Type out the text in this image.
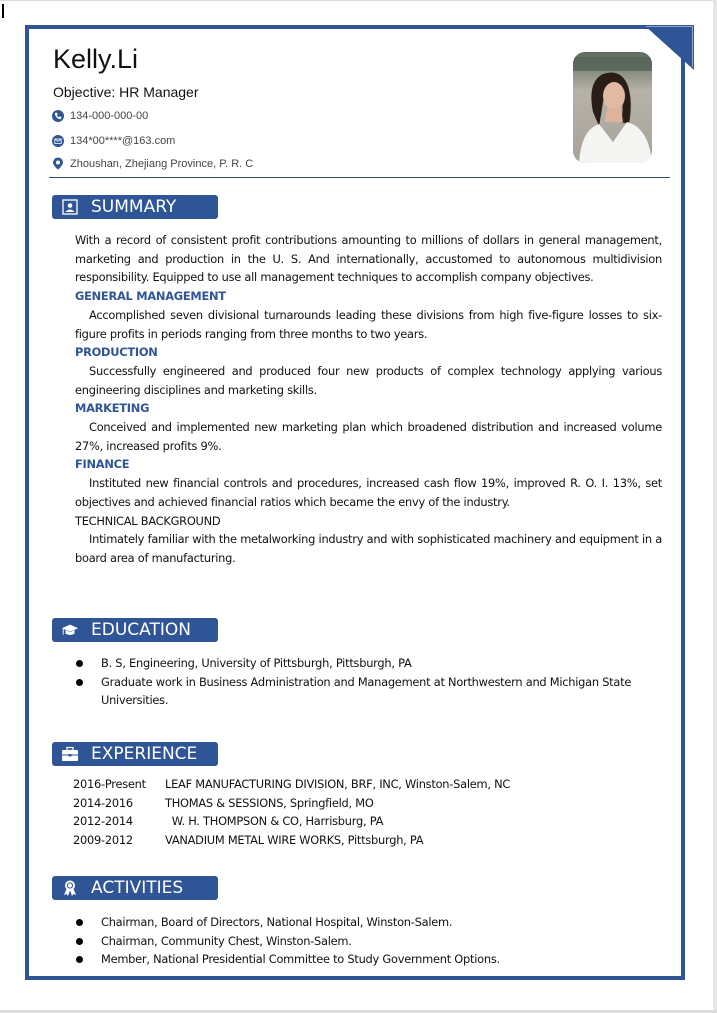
Kelly.Li
Objective: HR Manager
134-000-000-00
134*00****@163.com
Zhoushan, Zhejiang Province, P. R. C
SUMMARY

With a record of consistent profit contributions amounting to millions of dollars in general management, marketing and production in the U. S. And internationally, accustomed to autonomous multidivision responsibility. Equipped to use all management techniques to accomplish company objectives.

GENERAL MANAGEMENT

Accomplished seven divisional turnarounds leading these divisions from high five-figure losses to six-figure profits in periods ranging from three months to two years.

PRODUCTION

Successfully engineered and produced four new products of complex technology applying various engineering disciplines and marketing skills.

MARKETING

Conceived and implemented new marketing plan which broadened distribution and increased volume 27%, increased profits 9%.

FINANCE

Instituted new financial controls and procedures, increased cash flow 19%, improved R. O. I. 13%, set objectives and achieved financial ratios which became the envy of the industry.

TECHNICAL BACKGROUND

Intimately familiar with the metalworking industry and with sophisticated machinery and equipment in a board area of manufacturing.

EDUCATION
B. S, Engineering, University of Pittsburgh, Pittsburgh, PA
Graduate work in Business Administration and Management at Northwestern and Michigan State Universities.
EXPERIENCE
2016-Present	LEAF MANUFACTURING DIVISION, BRF, INC, Winston-Salem, NC
2014-2016	THOMAS & SESSIONS, Springfield, MO
2012-2014	W. H. THOMPSON & CO, Harrisburg, PA
2009-2012	VANADIUM METAL WIRE WORKS, Pittsburgh, PA
ACTIVITIES
Chairman, Board of Directors, National Hospital, Winston-Salem.
Chairman, Community Chest, Winston-Salem.
Member, National Presidential Committee to Study Government Options.
